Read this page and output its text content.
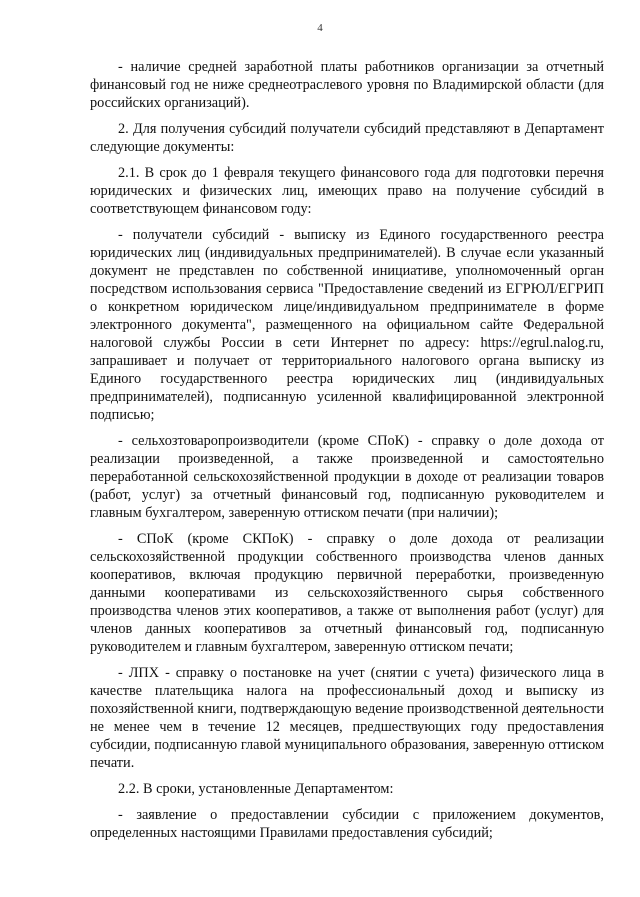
4

- наличие средней заработной платы работников организации за отчетный финансовый год не ниже среднеотраслевого уровня по Владимирской области (для российских организаций).

2. Для получения субсидий получатели субсидий представляют в Департамент следующие документы:

2.1. В срок до 1 февраля текущего финансового года для подготовки перечня юридических и физических лиц, имеющих право на получение субсидий в соответствующем финансовом году:

- получатели субсидий - выписку из Единого государственного реестра юридических лиц (индивидуальных предпринимателей). В случае если указанный документ не представлен по собственной инициативе, уполномоченный орган посредством использования сервиса "Предоставление сведений из ЕГРЮЛ/ЕГРИП о конкретном юридическом лице/индивидуальном предпринимателе в форме электронного документа", размещенного на официальном сайте Федеральной налоговой службы России в сети Интернет по адресу: https://egrul.nalog.ru, запрашивает и получает от территориального налогового органа выписку из Единого государственного реестра юридических лиц (индивидуальных предпринимателей), подписанную усиленной квалифицированной электронной подписью;

- сельхозтоваропроизводители (кроме СПоК) - справку о доле дохода от реализации произведенной, а также произведенной и самостоятельно переработанной сельскохозяйственной продукции в доходе от реализации товаров (работ, услуг) за отчетный финансовый год, подписанную руководителем и главным бухгалтером, заверенную оттиском печати (при наличии);

- СПоК (кроме СКПоК) - справку о доле дохода от реализации сельскохозяйственной продукции собственного производства членов данных кооперативов, включая продукцию первичной переработки, произведенную данными кооперативами из сельскохозяйственного сырья собственного производства членов этих кооперативов, а также от выполнения работ (услуг) для членов данных кооперативов за отчетный финансовый год, подписанную руководителем и главным бухгалтером, заверенную оттиском печати;

- ЛПХ - справку о постановке на учет (снятии с учета) физического лица в качестве плательщика налога на профессиональный доход и выписку из похозяйственной книги, подтверждающую ведение производственной деятельности не менее чем в течение 12 месяцев, предшествующих году предоставления субсидии, подписанную главой муниципального образования, заверенную оттиском печати.

2.2. В сроки, установленные Департаментом:

- заявление о предоставлении субсидии с приложением документов, определенных настоящими Правилами предоставления субсидий;
